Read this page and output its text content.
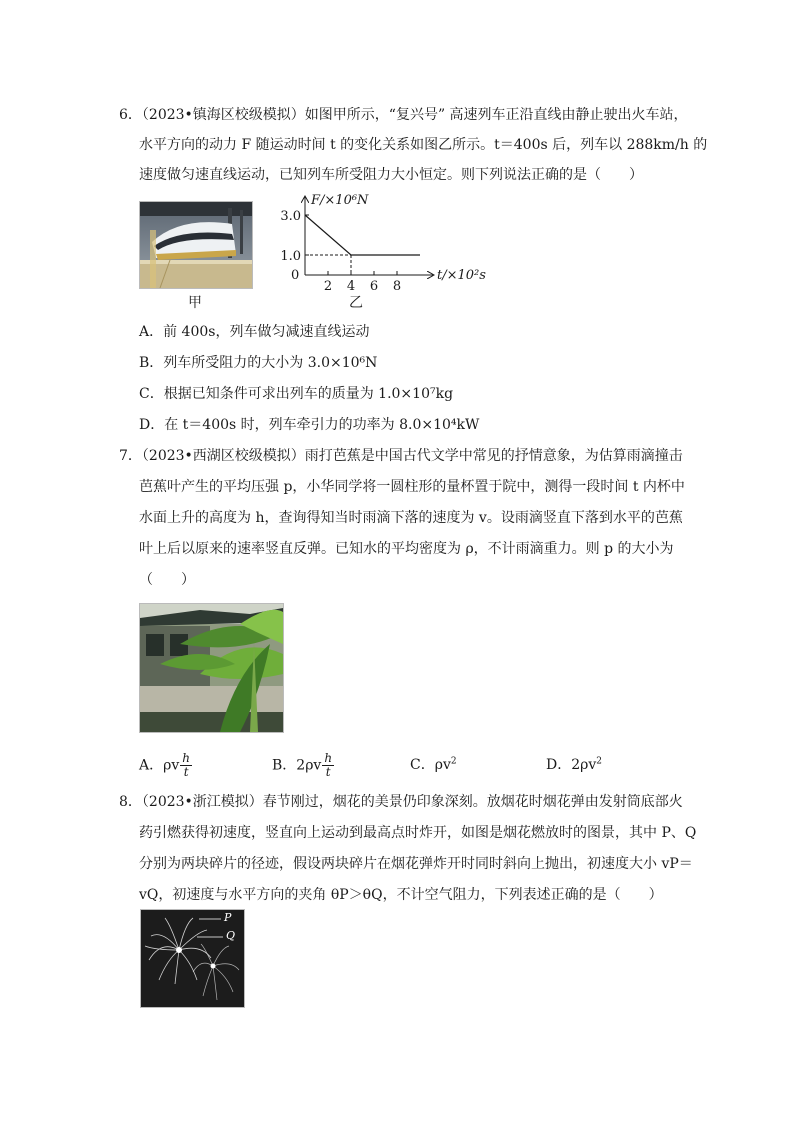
6．（2023•镇海区校级模拟）如图甲所示，“复兴号” 高速列车正沿直线由静止驶出火车站，
水平方向的动力 F 随运动时间 t 的变化关系如图乙所示。t＝400s 后，列车以 288km/h 的
速度做匀速直线运动，已知列车所受阻力大小恒定。则下列说法正确的是（　　）
甲
2 4 6 8
3.0
1.0
F/×10⁶N
t/×10²s
0
乙
A．前 400s，列车做匀减速直线运动
B．列车所受阻力的大小为 3.0×10⁶N
C．根据已知条件可求出列车的质量为 1.0×10⁷kg
D．在 t＝400s 时，列车牵引力的功率为 8.0×10⁴kW
7．（2023•西湖区校级模拟）雨打芭蕉是中国古代文学中常见的抒情意象，为估算雨滴撞击
芭蕉叶产生的平均压强 p，小华同学将一圆柱形的量杯置于院中，测得一段时间 t 内杯中
水面上升的高度为 h，查询得知当时雨滴下落的速度为 v。设雨滴竖直下落到水平的芭蕉
叶上后以原来的速率竖直反弹。已知水的平均密度为 ρ，不计雨滴重力。则 p 的大小为
（　　）
A．ρv $\frac{h}{t}$	B．$2\rho v \frac{h}{t}$	C．$\rho v^2$	D．$2\rho v^2$
8．（2023•浙江模拟）春节刚过，烟花的美景仍印象深刻。放烟花时烟花弹由发射筒底部火
药引燃获得初速度，竖直向上运动到最高点时炸开，如图是烟花燃放时的图景，其中 P、Q
分别为两块碎片的径迹，假设两块碎片在烟花弹炸开时同时斜向上抛出，初速度大小 vP＝
vQ，初速度与水平方向的夹角 θP＞θQ，不计空气阻力，下列表述正确的是（　　）
P
Q
